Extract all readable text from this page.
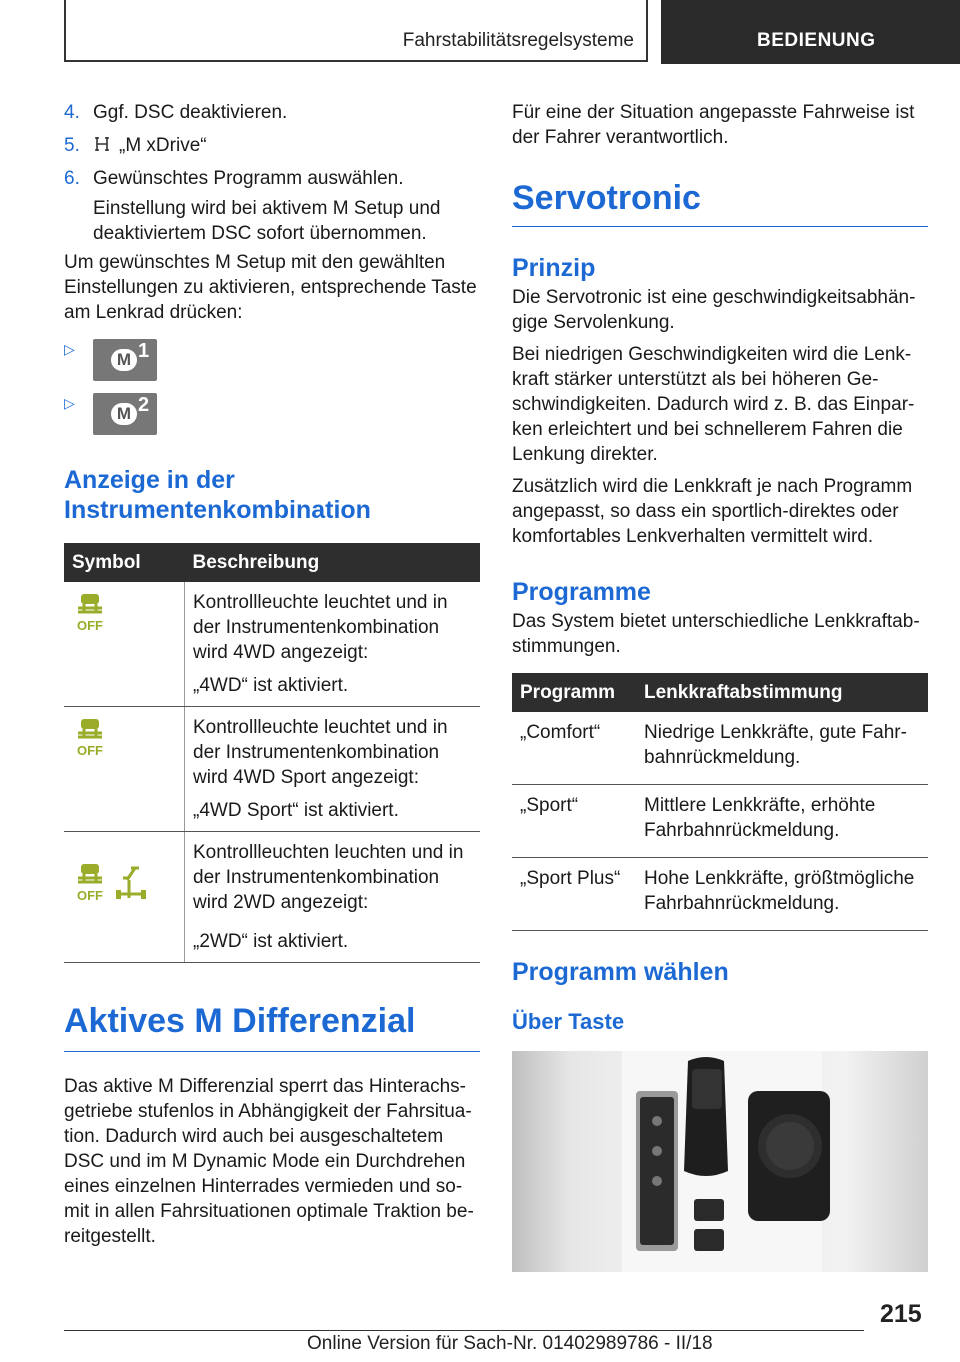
Fahrstabilitätsregelsysteme	BEDIENUNG
4. Ggf. DSC deaktivieren.
5. „M xDrive“
6. Gewünschtes Programm auswählen.
Einstellung wird bei aktivem M Setup und deaktiviertem DSC sofort übernommen.

Um gewünschtes M Setup mit den gewählten Einstellungen zu aktivieren, entsprechende Taste am Lenkrad drücken:

▷
M 1
▷
M 2
Anzeige in der Instrumentenkombination
Symbol	Beschreibung

OFF	Kontrollleuchte leuchtet und in der Instrumentenkombination wird 4WD angezeigt:

„4WD“ ist aktiviert.

OFF	Kontrollleuchte leuchtet und in der Instrumentenkombination wird 4WD Sport angezeigt:

„4WD Sport“ ist aktiviert.

OFF	Kontrollleuchten leuchten und in der Instrumentenkombination wird 2WD angezeigt:

„2WD“ ist aktiviert.

Aktives M Differenzial

Das aktive M Differenzial sperrt das Hinterachsgetriebe stufenlos in Abhängigkeit der Fahrsituation. Dadurch wird auch bei ausgeschaltetem DSC und im M Dynamic Mode ein Durchdrehen eines einzelnen Hinterrades vermieden und somit in allen Fahrsituationen optimale Traktion bereitgestellt.

Für eine der Situation angepasste Fahrweise ist der Fahrer verantwortlich.

Servotronic
Prinzip

Die Servotronic ist eine geschwindigkeitsabhängige Servolenkung.

Bei niedrigen Geschwindigkeiten wird die Lenkkraft stärker unterstützt als bei höheren Geschwindigkeiten. Dadurch wird z. B. das Einparken erleichtert und bei schnellerem Fahren die Lenkung direkter.

Zusätzlich wird die Lenkkraft je nach Programm angepasst, so dass ein sportlich-direktes oder komfortables Lenkverhalten vermittelt wird.

Programme

Das System bietet unterschiedliche Lenkkraftabstimmungen.

Programm	Lenkkraftabstimmung
„Comfort“	Niedrige Lenkkräfte, gute Fahrbahnrückmeldung.
„Sport“	Mittlere Lenkkräfte, erhöhte Fahrbahnrückmeldung.
„Sport Plus“	Hohe Lenkkräfte, größtmögliche Fahrbahnrückmeldung.
Programm wählen
Über Taste
215
Online Version für Sach-Nr. 01402989786 - II/18
